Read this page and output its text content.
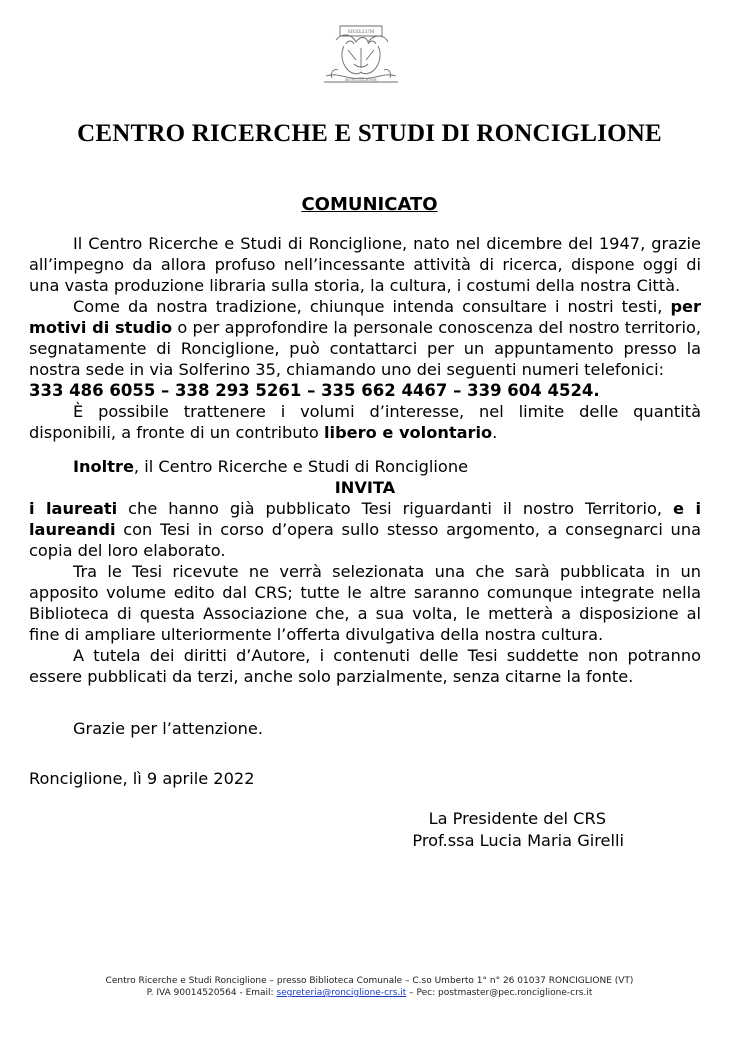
SIGILLUM
RONCIGLIONE
CENTRO RICERCHE E STUDI DI RONCIGLIONE
COMUNICATO

Il Centro Ricerche e Studi di Ronciglione, nato nel dicembre del 1947, grazie all’impegno da allora profuso nell’incessante attività di ricerca, dispone oggi di una vasta produzione libraria sulla storia, la cultura, i costumi della nostra Città.

Come da nostra tradizione, chiunque intenda consultare i nostri testi, per motivi di studio o per approfondire la personale conoscenza del nostro territorio, segnatamente di Ronciglione, può contattarci per un appuntamento presso la nostra sede in via Solferino 35, chiamando uno dei seguenti numeri telefonici:

333 486 6055 – 338 293 5261 – 335 662 4467 – 339 604 4524.

È possibile trattenere i volumi d’interesse, nel limite delle quantità disponibili, a fronte di un contributo libero e volontario.

Inoltre, il Centro Ricerche e Studi di Ronciglione

INVITA

i laureati che hanno già pubblicato Tesi riguardanti il nostro Territorio, e i laureandi con Tesi in corso d’opera sullo stesso argomento, a consegnarci una copia del loro elaborato.

Tra le Tesi ricevute ne verrà selezionata una che sarà pubblicata in un apposito volume edito dal CRS; tutte le altre saranno comunque integrate nella Biblioteca di questa Associazione che, a sua volta, le metterà a disposizione al fine di ampliare ulteriormente l’offerta divulgativa della nostra cultura.

A tutela dei diritti d’Autore, i contenuti delle Tesi suddette non potranno essere pubblicati da terzi, anche solo parzialmente, senza citarne la fonte.

Grazie per l’attenzione.
Ronciglione, lì 9 aprile 2022
La Presidente del CRS
Prof.ssa Lucia Maria Girelli
Centro Ricerche e Studi Ronciglione – presso Biblioteca Comunale – C.so Umberto 1° n° 26 01037 RONCIGLIONE (VT)
P. IVA 90014520564 - Email: segreteria@ronciglione-crs.it – Pec: postmaster@pec.ronciglione-crs.it
